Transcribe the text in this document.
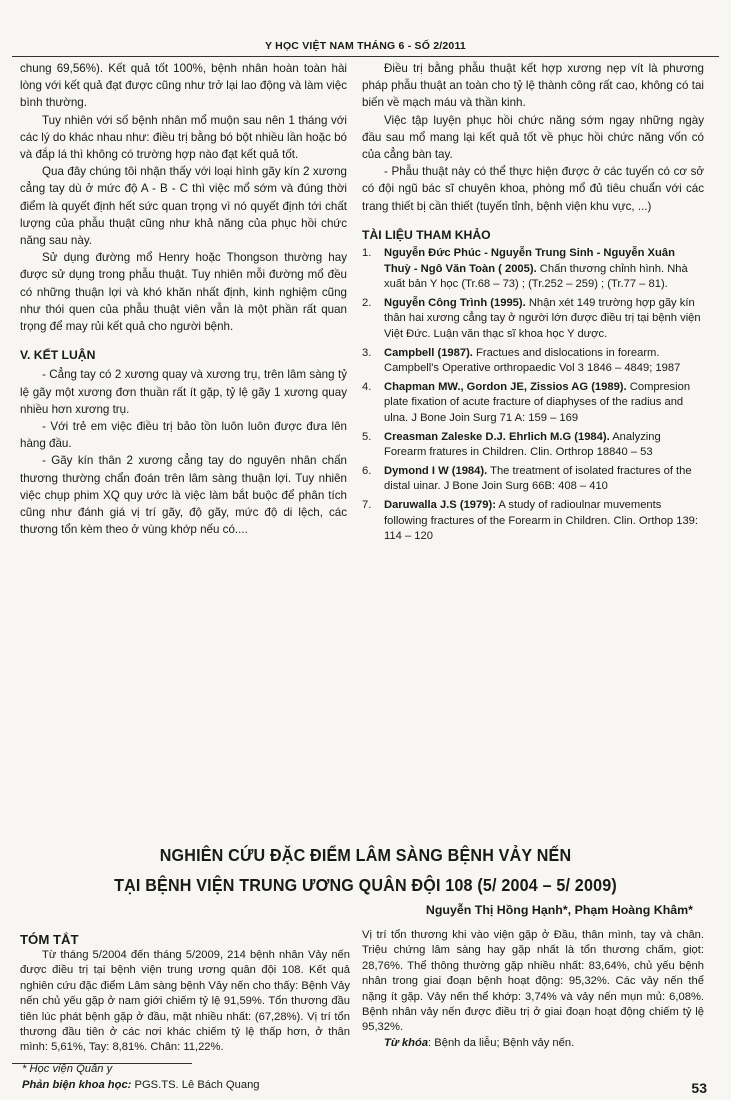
Y HỌC VIỆT NAM THÁNG 6 - SỐ 2/2011

chung 69,56%). Kết quả tốt 100%, bệnh nhân hoàn toàn hài lòng với kết quả đạt được cũng như trở lại lao động và làm việc bình thường.

Tuy nhiên với số bệnh nhân mổ muộn sau nên 1 tháng với các lý do khác nhau như: điều trị bằng bó bột nhiều lần hoặc bó và đắp lá thì không có trường hợp nào đạt kết quả tốt.

Qua đây chúng tôi nhận thấy với loại hình gãy kín 2 xương cẳng tay dù ở mức độ A - B - C thì việc mổ sớm và đúng thời điểm là quyết định hết sức quan trọng vì nó quyết định tới chất lượng của phẫu thuật cũng như khả năng của phục hồi chức năng sau này.

Sử dụng đường mổ Henry hoặc Thongson thường hay được sử dụng trong phẫu thuật. Tuy nhiên mỗi đường mổ đều có những thuận lợi và khó khăn nhất định, kinh nghiệm cũng như thói quen của phẫu thuật viên vẫn là một phần rất quan trọng để may rủi kết quả cho người bệnh.

V. KẾT LUẬN

- Cẳng tay có 2 xương quay và xương trụ, trên lâm sàng tỷ lệ gãy một xương đơn thuần rất ít gặp, tỷ lệ gãy 1 xương quay nhiều hơn xương trụ.

- Với trẻ em việc điều trị bảo tồn luôn luôn được đưa lên hàng đầu.

- Gãy kín thân 2 xương cẳng tay do nguyên nhân chấn thương thường chẩn đoán trên lâm sàng thuận lợi. Tuy nhiên việc chụp phim XQ quy ước là việc làm bắt buộc để phân tích cũng như đánh giá vị trí gãy, độ gãy, mức độ di lệch, các thương tổn kèm theo ở vùng khớp nếu có....

Điều trị bằng phẫu thuật kết hợp xương nẹp vít là phương pháp phẫu thuật an toàn cho tỷ lệ thành công rất cao, không có tai biến về mạch máu và thần kinh.

Việc tập luyện phục hồi chức năng sớm ngay những ngày đầu sau mổ mang lại kết quả tốt về phục hồi chức năng vốn có của cẳng bàn tay.

- Phẫu thuật này có thể thực hiện được ở các tuyến có cơ sở có đội ngũ bác sĩ chuyên khoa, phòng mổ đủ tiêu chuẩn với các trang thiết bị cần thiết (tuyến tỉnh, bệnh viện khu vực, ...)

TÀI LIỆU THAM KHẢO
1. Nguyễn Đức Phúc - Nguyễn Trung Sinh - Nguyễn Xuân Thuỳ - Ngô Văn Toàn ( 2005). Chấn thương chỉnh hình. Nhà xuất bản Y học (Tr.68 – 73) ; (Tr.252 – 259) ; (Tr.77 – 81).
2. Nguyễn Công Trình (1995). Nhận xét 149 trường hợp gãy kín thân hai xương cẳng tay ở người lớn được điều trị tại bệnh viện Việt Đức. Luận văn thạc sĩ khoa học Y dược.
3. Campbell (1987). Fractues and dislocations in forearm. Campbell's Operative orthropaedic Vol 3 1846 – 4849; 1987
4. Chapman MW., Gordon JE, Zissios AG (1989). Compresion plate fixation of acute fracture of diaphyses of the radius and ulna. J Bone Join Surg 71 A: 159 – 169
5. Creasman Zaleske D.J. Ehrlich M.G (1984). Analyzing Forearm fratures in Children. Clin. Orthrop 18840 – 53
6. Dymond I W (1984). The treatment of isolated fractures of the distal uinar. J Bone Join Surg 66B: 408 – 410
7. Daruwalla J.S (1979): A study of radioulnar muvements following fractures of the Forearm in Children. Clin. Orthop 139: 114 – 120
NGHIÊN CỨU ĐẶC ĐIỂM LÂM SÀNG BỆNH VẢY NẾN
TẠI BỆNH VIỆN TRUNG ƯƠNG QUÂN ĐỘI 108 (5/ 2004 – 5/ 2009)
Nguyễn Thị Hồng Hạnh*, Phạm Hoàng Khâm*
TÓM TẮT

Từ tháng 5/2004 đến tháng 5/2009, 214 bệnh nhân Vảy nến được điều trị tại bệnh viện trung ương quân đội 108. Kết quả nghiên cứu đặc điểm Lâm sàng bệnh Vảy nến cho thấy: Bệnh Vảy nến chủ yếu gặp ở nam giới chiếm tỷ lệ 91,59%. Tổn thương đầu tiên lúc phát bệnh gặp ở đầu, mặt nhiều nhất: (67,28%). Vị trí tổn thương đầu tiên ở các nơi khác chiếm tỷ lệ thấp hơn, ở thân mình: 5,61%, Tay: 8,81%. Chân: 11,22%.

Vị trí tổn thương khi vào viện gặp ở Đầu, thân mình, tay và chân. Triệu chứng lâm sàng hay gặp nhất là tổn thương chấm, giọt: 28,76%. Thể thông thường gặp nhiều nhất: 83,64%, chủ yếu bệnh nhân trong giai đoạn bệnh hoạt động: 95,32%. Các vảy nến thể nặng ít gặp. Vảy nến thể khớp: 3,74% và vảy nến mụn mủ: 6,08%. Bệnh nhân vảy nến được điều trị ở giai đoạn hoạt động chiếm tỷ lệ 95,32%.

Từ khóa: Bệnh da liễu; Bệnh vảy nến.

* Học viện Quân y
Phản biện khoa học: PGS.TS. Lê Bách Quang	53
